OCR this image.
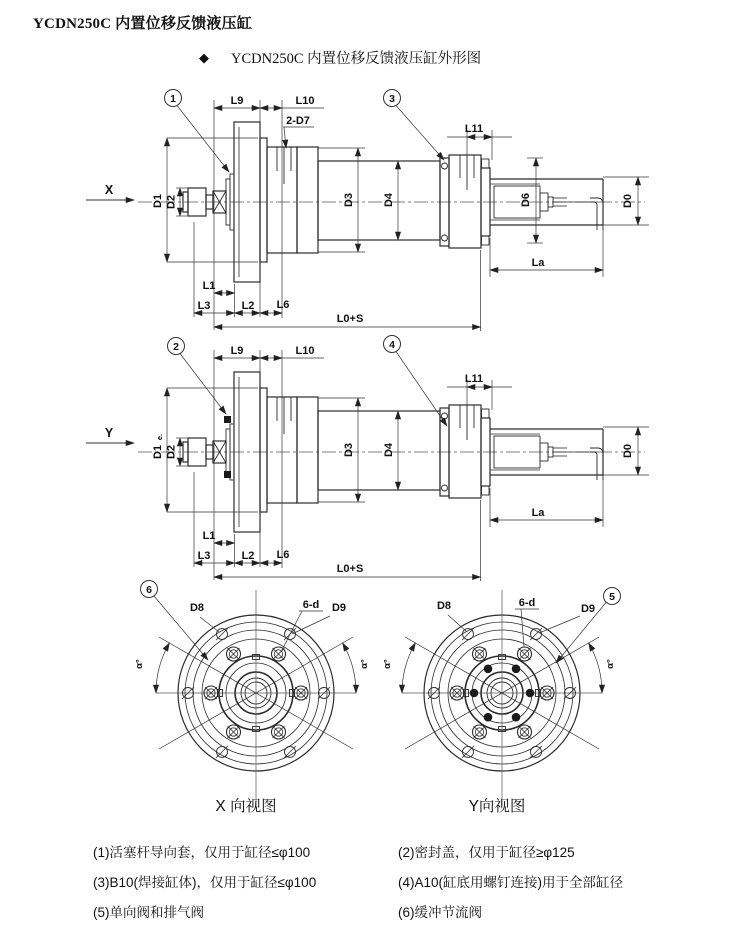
YCDN250C 内置位移反馈液压缸
◆ YCDN250C 内置位移反馈液压缸外形图
X
1	3
L9	L10
2-D7
L11
D1 D2	D3	D4	D6	D0
La
L1
L3	L2 L6
L0+S
Y
2	4
L9	L10
L11
D1
e.
D2	D3	D4	D0
La
L1
L3	L2 L6
L0+S
6
D8	6-d D9
α°	α°
X 向视图
5
D8	6-d	D9
α°	α°
Y向视图
(1)活塞杆导向套，仅用于缸径≤φ100	(2)密封盖，仅用于缸径≥φ125
(3)B10(焊接缸体)，仅用于缸径≤φ100	(4)A10(缸底用螺钉连接)用于全部缸径
(5)单向阀和排气阀	(6)缓冲节流阀
